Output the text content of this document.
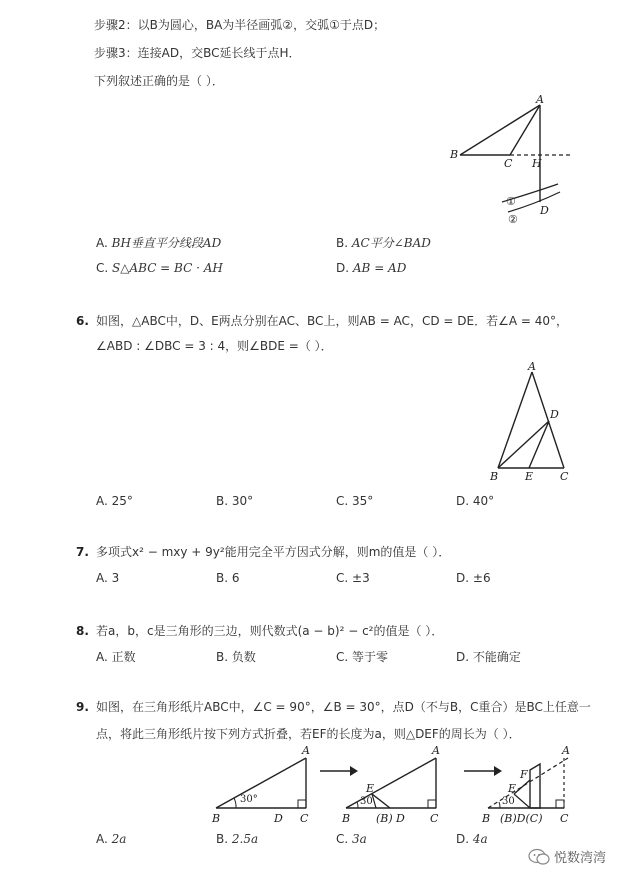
步骤2：以B为圆心，BA为半径画弧②，交弧①于点D；
步骤3：连接AD，交BC延长线于点H．
下列叙述正确的是（ ）．
A
B
C H
D
①
②
A. BH垂直平分线段AD	B. AC平分∠BAD
C. S△ABC = BC · AH	D. AB = AD
6. 如图，△ABC中，D、E两点分别在AC、BC上，则AB = AC，CD = DE．若∠A = 40°，
∠ABD : ∠DBC = 3 : 4，则∠BDE =（ ）．
A
D
B E C
A. 25°	B. 30°	C. 35°	D. 40°
7. 多项式x² − mxy + 9y²能用完全平方因式分解，则m的值是（ ）．
A. 3	B. 6	C. ±3	D. ±6
8. 若a，b，c是三角形的三边，则代数式(a − b)² − c²的值是（ ）．
A. 正数	B. 负数	C. 等于零	D. 不能确定
9. 如图，在三角形纸片ABC中，∠C = 90°，∠B = 30°，点D（不与B，C重合）是BC上任意一
点，将此三角形纸片按下列方式折叠，若EF的长度为a，则△DEF的周长为（ ）．
30°
A
B	D C
30
E
A
B (B) D C
30
E
F
A
B (B)D(C) C
A. 2a	B. 2.5a	C. 3a	D. 4a
悦数湾湾
